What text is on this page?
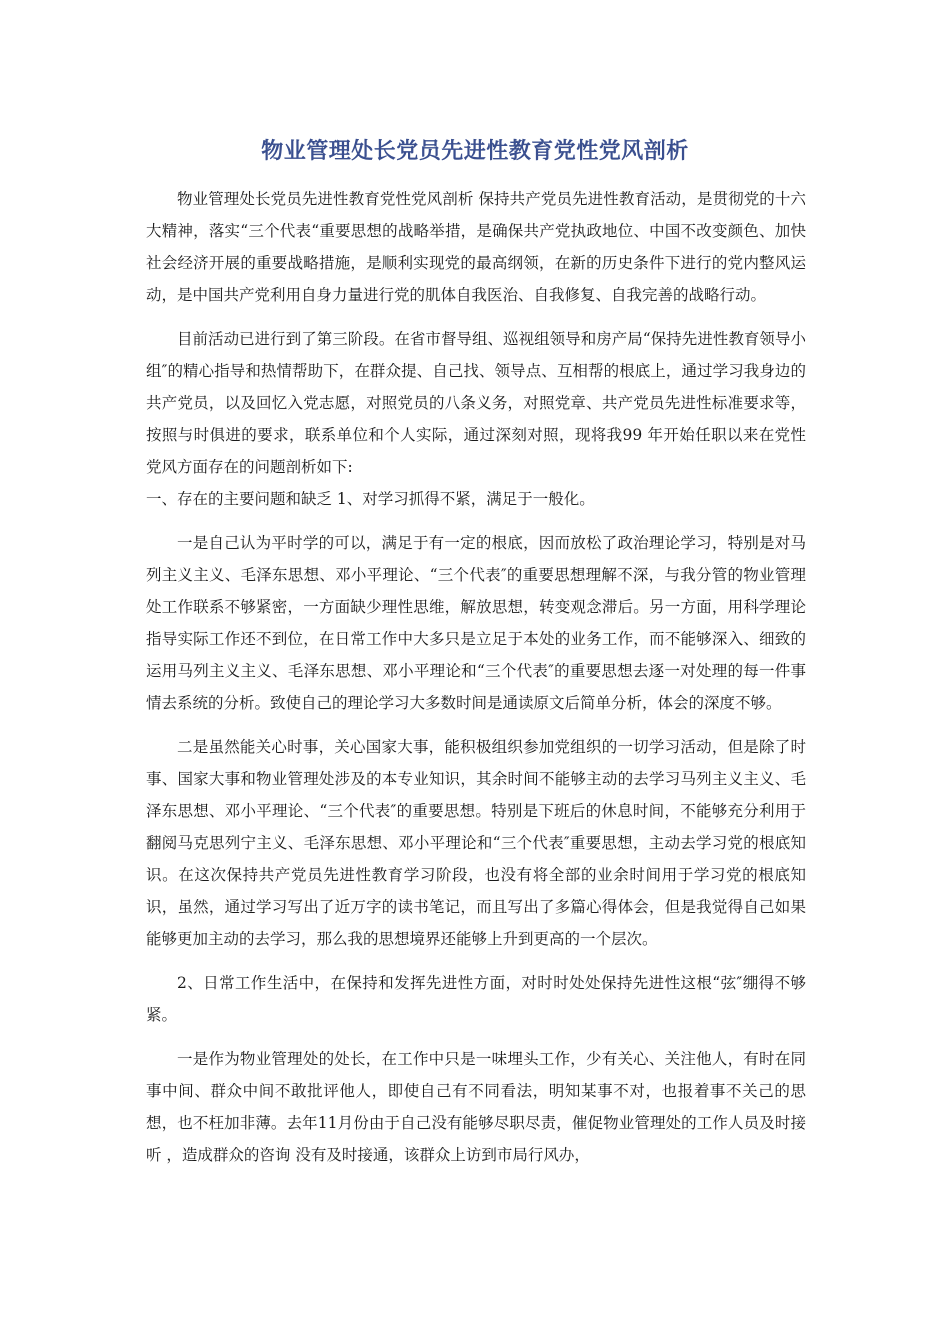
物业管理处长党员先进性教育党性党风剖析

物业管理处长党员先进性教育党性党风剖析 保持共产党员先进性教育活动，是贯彻党的十六大精神，落实“三个代表“重要思想的战略举措，是确保共产党执政地位、中国不改变颜色、加快社会经济开展的重要战略措施，是顺利实现党的最高纲领，在新的历史条件下进行的党内整风运动，是中国共产党利用自身力量进行党的肌体自我医治、自我修复、自我完善的战略行动。

目前活动已进行到了第三阶段。在省市督导组、巡视组领导和房产局“保持先进性教育领导小组″的精心指导和热情帮助下，在群众提、自己找、领导点、互相帮的根底上，通过学习我身边的共产党员，以及回忆入党志愿，对照党员的八条义务，对照党章、共产党员先进性标准要求等，按照与时俱进的要求，联系单位和个人实际，通过深刻对照，现将我99 年开始任职以来在党性党风方面存在的问题剖析如下:

一、存在的主要问题和缺乏 1、对学习抓得不紧，满足于一般化。

一是自己认为平时学的可以，满足于有一定的根底，因而放松了政治理论学习，特别是对马列主义主义、毛泽东思想、邓小平理论、“三个代表″的重要思想理解不深，与我分管的物业管理处工作联系不够紧密，一方面缺少理性思维，解放思想，转变观念滞后。另一方面，用科学理论指导实际工作还不到位，在日常工作中大多只是立足于本处的业务工作，而不能够深入、细致的运用马列主义主义、毛泽东思想、邓小平理论和“三个代表″的重要思想去逐一对处理的每一件事情去系统的分析。致使自己的理论学习大多数时间是通读原文后简单分析，体会的深度不够。

二是虽然能关心时事，关心国家大事，能积极组织参加党组织的一切学习活动，但是除了时事、国家大事和物业管理处涉及的本专业知识，其余时间不能够主动的去学习马列主义主义、毛泽东思想、邓小平理论、“三个代表″的重要思想。特别是下班后的休息时间，不能够充分利用于翻阅马克思列宁主义、毛泽东思想、邓小平理论和“三个代表″重要思想，主动去学习党的根底知识。在这次保持共产党员先进性教育学习阶段，也没有将全部的业余时间用于学习党的根底知识，虽然，通过学习写出了近万字的读书笔记，而且写出了多篇心得体会，但是我觉得自己如果能够更加主动的去学习，那么我的思想境界还能够上升到更高的一个层次。

2、日常工作生活中，在保持和发挥先进性方面，对时时处处保持先进性这根“弦″绷得不够紧。

一是作为物业管理处的处长，在工作中只是一味埋头工作，少有关心、关注他人，有时在同事中间、群众中间不敢批评他人，即使自己有不同看法，明知某事不对，也报着事不关己的思想，也不枉加非薄。去年11月份由于自己没有能够尽职尽责，催促物业管理处的工作人员及时接听 ，造成群众的咨询 没有及时接通，该群众上访到市局行风办，
